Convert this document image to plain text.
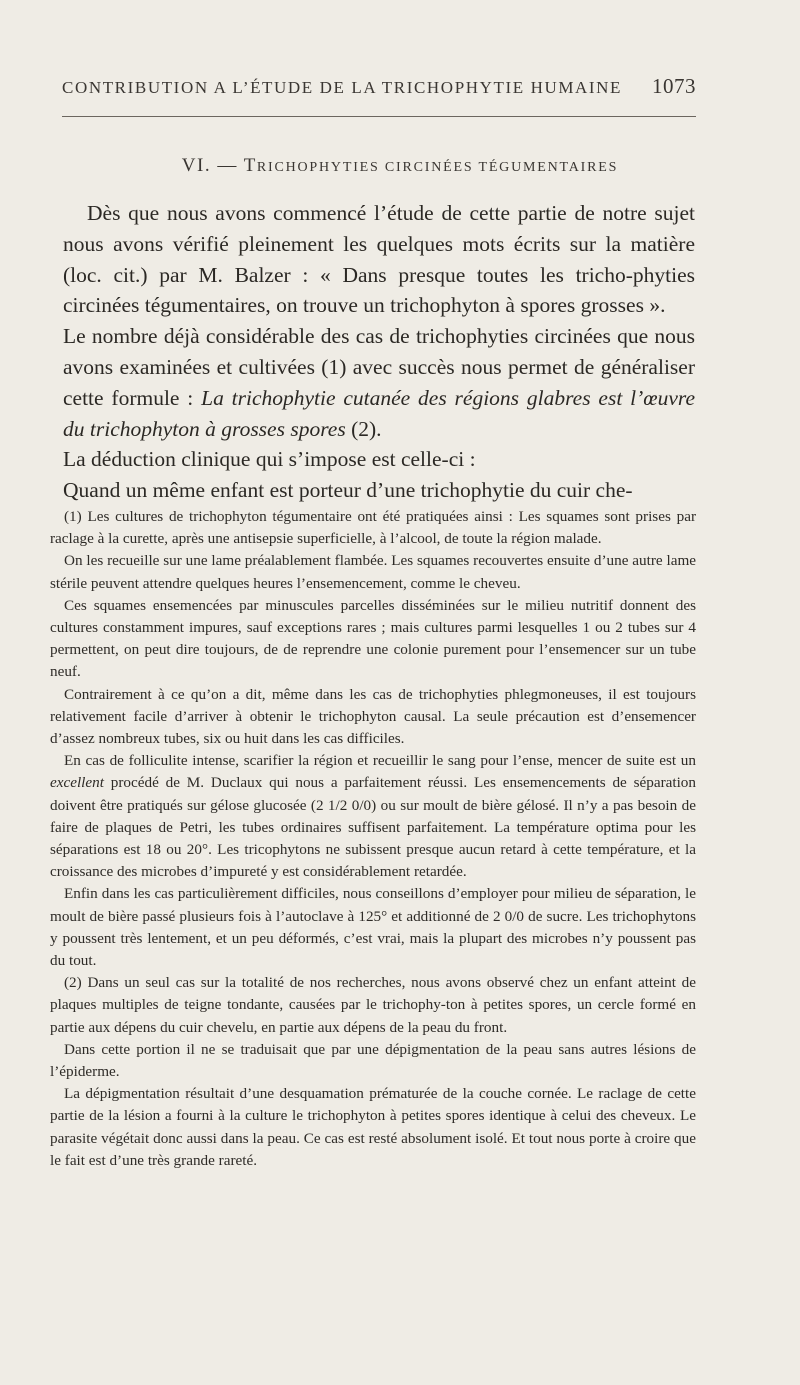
CONTRIBUTION A L’ÉTUDE DE LA TRICHOPHYTIE HUMAINE 1073
VI. — TRICHOPHYTIES CIRCINÉES TÉGUMENTAIRES

Dès que nous avons commencé l’étude de cette partie de notre sujet nous avons vérifié pleinement les quelques mots écrits sur la matière (loc. cit.) par M. Balzer : « Dans presque toutes les tricho-phyties circinées tégumentaires, on trouve un trichophyton à spores grosses ».

Le nombre déjà considérable des cas de trichophyties circinées que nous avons examinées et cultivées (1) avec succès nous permet de généraliser cette formule : La trichophytie cutanée des régions glabres est l’œuvre du trichophyton à grosses spores (2).

La déduction clinique qui s’impose est celle-ci :

Quand un même enfant est porteur d’une trichophytie du cuir che-

(1) Les cultures de trichophyton tégumentaire ont été pratiquées ainsi : Les squames sont prises par raclage à la curette, après une antisepsie superficielle, à l’alcool, de toute la région malade.

On les recueille sur une lame préalablement flambée. Les squames recouvertes ensuite d’une autre lame stérile peuvent attendre quelques heures l’ensemencement, comme le cheveu.

Ces squames ensemencées par minuscules parcelles disséminées sur le milieu nutritif donnent des cultures constamment impures, sauf exceptions rares ; mais cultures parmi lesquelles 1 ou 2 tubes sur 4 permettent, on peut dire toujours, de de reprendre une colonie purement pour l’ensemencer sur un tube neuf.

Contrairement à ce qu’on a dit, même dans les cas de trichophyties phlegmoneuses, il est toujours relativement facile d’arriver à obtenir le trichophyton causal. La seule précaution est d’ensemencer d’assez nombreux tubes, six ou huit dans les cas difficiles.

En cas de folliculite intense, scarifier la région et recueillir le sang pour l’ense, mencer de suite est un excellent procédé de M. Duclaux qui nous a parfaitement réussi. Les ensemencements de séparation doivent être pratiqués sur gélose glucosée (2 1/2 0/0) ou sur moult de bière gélosé. Il n’y a pas besoin de faire de plaques de Petri, les tubes ordinaires suffisent parfaitement. La température optima pour les séparations est 18 ou 20°. Les tricophytons ne subissent presque aucun retard à cette température, et la croissance des microbes d’impureté y est considérablement retardée.

Enfin dans les cas particulièrement difficiles, nous conseillons d’employer pour milieu de séparation, le moult de bière passé plusieurs fois à l’autoclave à 125° et additionné de 2 0/0 de sucre. Les trichophytons y poussent très lentement, et un peu déformés, c’est vrai, mais la plupart des microbes n’y poussent pas du tout.

(2) Dans un seul cas sur la totalité de nos recherches, nous avons observé chez un enfant atteint de plaques multiples de teigne tondante, causées par le trichophy-ton à petites spores, un cercle formé en partie aux dépens du cuir chevelu, en partie aux dépens de la peau du front.

Dans cette portion il ne se traduisait que par une dépigmentation de la peau sans autres lésions de l’épiderme.

La dépigmentation résultait d’une desquamation prématurée de la couche cornée. Le raclage de cette partie de la lésion a fourni à la culture le trichophyton à petites spores identique à celui des cheveux. Le parasite végétait donc aussi dans la peau. Ce cas est resté absolument isolé. Et tout nous porte à croire que le fait est d’une très grande rareté.
